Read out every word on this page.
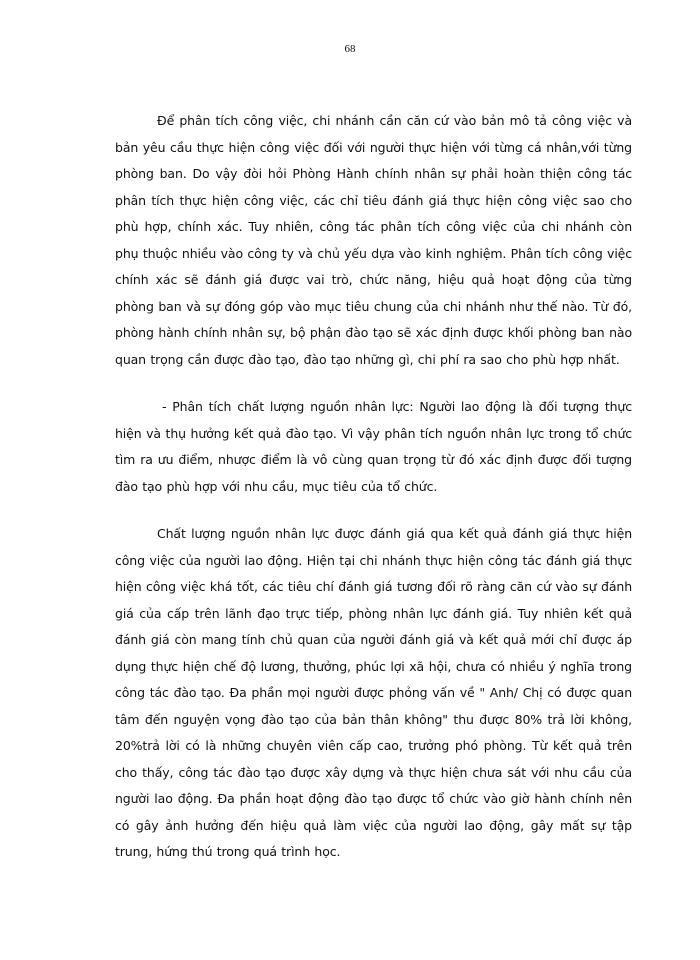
68

Để phân tích công việc, chi nhánh cần căn cứ vào bản mô tả công việc và bản yêu cầu thực hiện công việc đối với người thực hiện với từng cá nhân,với từng phòng ban. Do vậy đòi hỏi Phòng Hành chính nhân sự phải hoàn thiện công tác phân tích thực hiện công việc, các chỉ tiêu đánh giá thực hiện công việc sao cho phù hợp, chính xác. Tuy nhiên, công tác phân tích công việc của chi nhánh còn phụ thuộc nhiều vào công ty và chủ yếu dựa vào kinh nghiệm. Phân tích công việc chính xác sẽ đánh giá được vai trò, chức năng, hiệu quả hoạt động của từng phòng ban và sự đóng góp vào mục tiêu chung của chi nhánh như thế nào. Từ đó, phòng hành chính nhân sự, bộ phận đào tạo sẽ xác định được khối phòng ban nào quan trọng cần được đào tạo, đào tạo những gì, chi phí ra sao cho phù hợp nhất.

- Phân tích chất lượng nguồn nhân lực: Người lao động là đối tượng thực hiện và thụ hưởng kết quả đào tạo. Vì vậy phân tích nguồn nhân lực trong tổ chức tìm ra ưu điểm, nhược điểm là vô cùng quan trọng từ đó xác định được đối tượng đào tạo phù hợp với nhu cầu, mục tiêu của tổ chức.

Chất lượng nguồn nhân lực được đánh giá qua kết quả đánh giá thực hiện công việc của người lao động. Hiện tại chi nhánh thực hiện công tác đánh giá thực hiện công việc khá tốt, các tiêu chí đánh giá tương đối rõ ràng căn cứ vào sự đánh giá của cấp trên lãnh đạo trực tiếp, phòng nhân lực đánh giá. Tuy nhiên kết quả đánh giá còn mang tính chủ quan của người đánh giá và kết quả mới chỉ được áp dụng thực hiện chế độ lương, thưởng, phúc lợi xã hội, chưa có nhiều ý nghĩa trong công tác đào tạo. Đa phần mọi người được phỏng vấn về " Anh/ Chị có được quan tâm đến nguyện vọng đào tạo của bản thân không" thu được 80% trả lời không, 20%trả lời có là những chuyên viên cấp cao, trưởng phó phòng. Từ kết quả trên cho thấy, công tác đào tạo được xây dựng và thực hiện chưa sát với nhu cầu của người lao động. Đa phần hoạt động đào tạo được tổ chức vào giờ hành chính nên có gây ảnh hưởng đến hiệu quả làm việc của người lao động, gây mất sự tập trung, hứng thú trong quá trình học.
